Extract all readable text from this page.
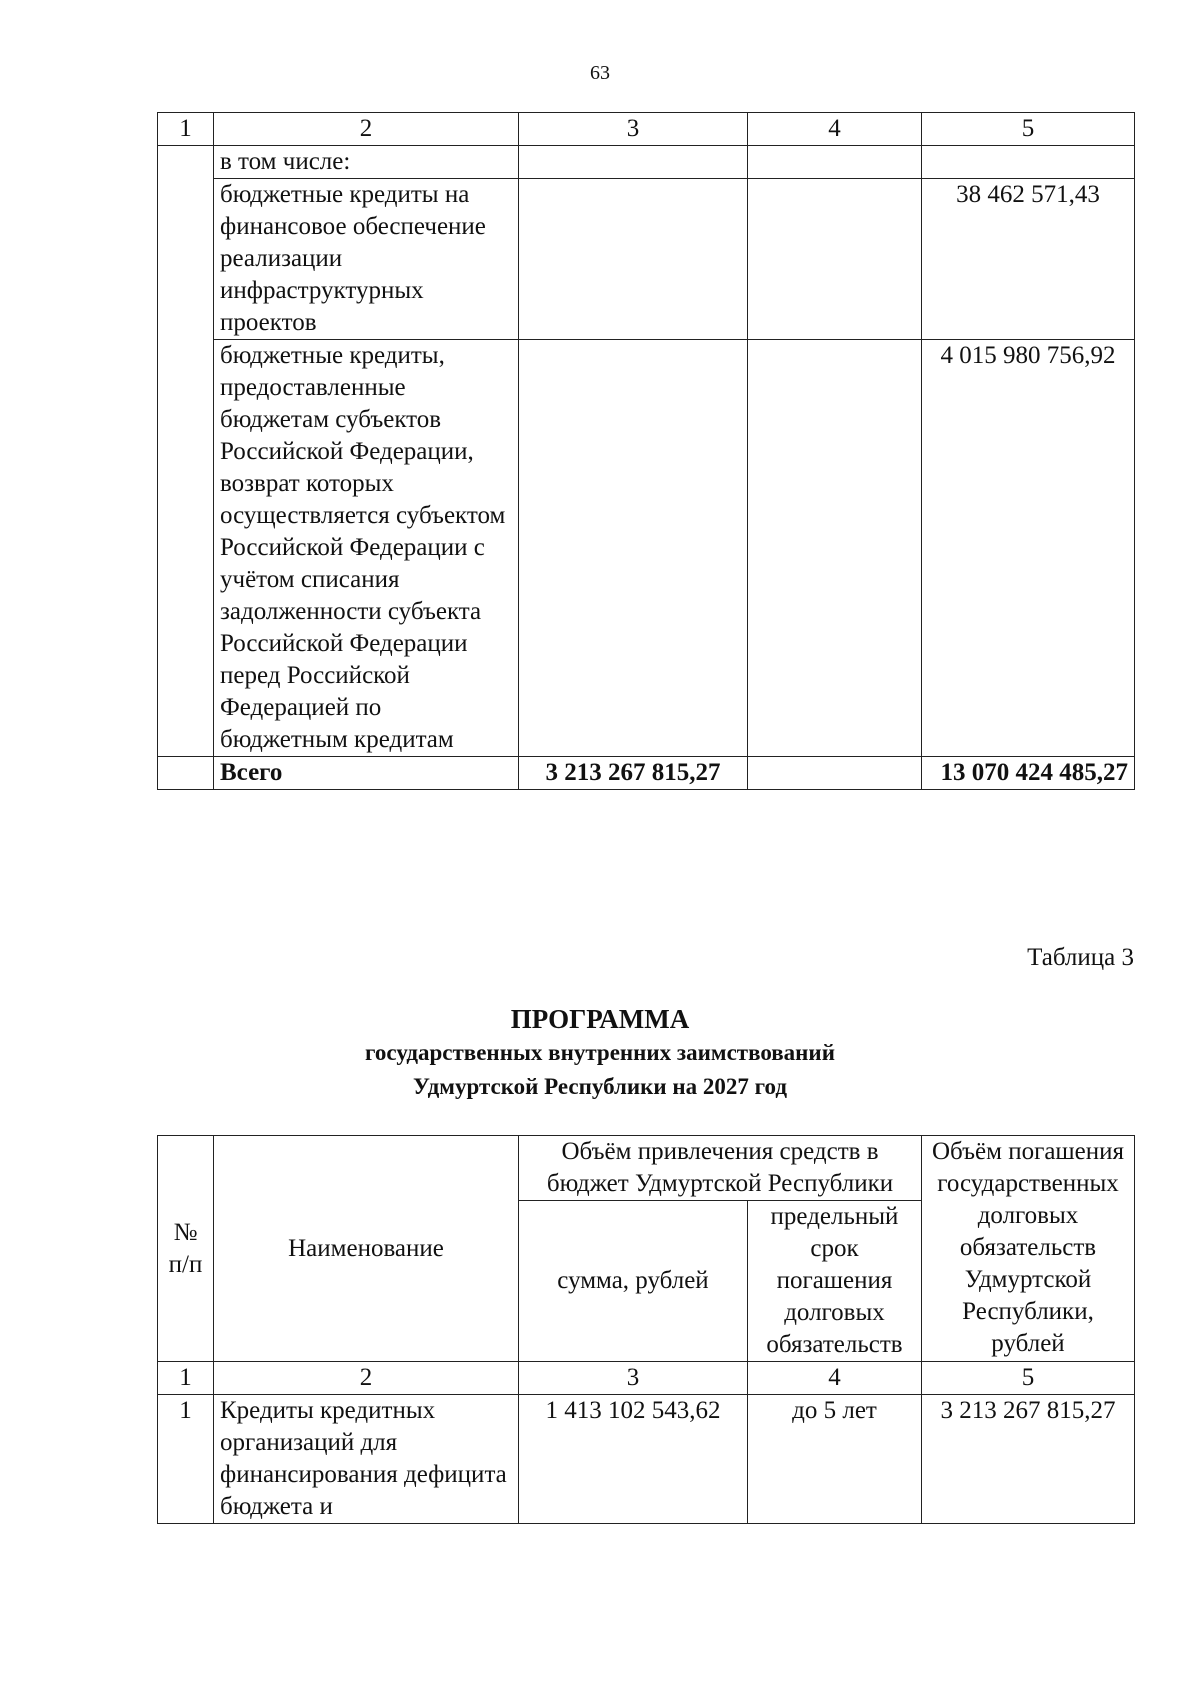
63
1	2	3	4	5
	в том числе:			
	бюджетные кредиты на финансовое обеспечение реализации инфраструктурных проектов			38 462 571,43
	бюджетные кредиты, предоставленные бюджетам субъектов Российской Федерации, возврат которых осуществляется субъектом Российской Федерации с учётом списания задолженности субъекта Российской Федерации перед Российской Федерацией по бюджетным кредитам			4 015 980 756,92
	Всего	3 213 267 815,27		13 070 424 485,27
Таблица 3
ПРОГРАММА
государственных внутренних заимствований
Удмуртской Республики на 2027 год
№ п/п	Наименование	Объём привлечения средств в бюджет Удмуртской Республики		Объём погашения государственных долговых обязательств Удмуртской Республики, рублей
		сумма, рублей	предельный срок погашения долговых обязательств	
1	2	3	4	5
1	Кредиты кредитных организаций для финансирования дефицита бюджета и	1 413 102 543,62	до 5 лет	3 213 267 815,27
